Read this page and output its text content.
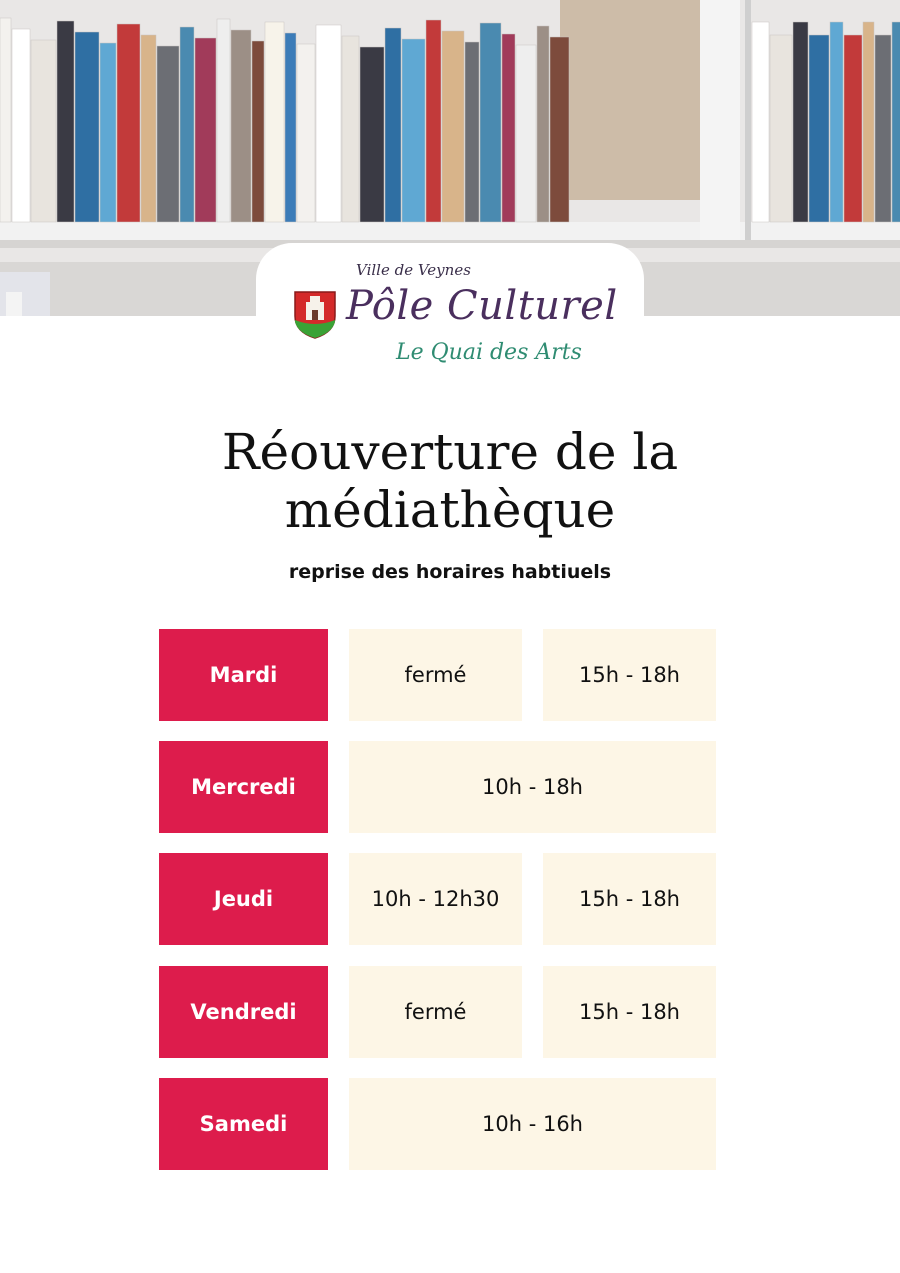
Ville de Veynes
Pôle Culturel
Le Quai des Arts
Réouverture de la
médiathèque
reprise des horaires habtiuels
Mardi	fermé	15h - 18h
Mercredi	10h - 18h
Jeudi	10h - 12h30	15h - 18h
Vendredi	fermé	15h - 18h
Samedi	10h - 16h
